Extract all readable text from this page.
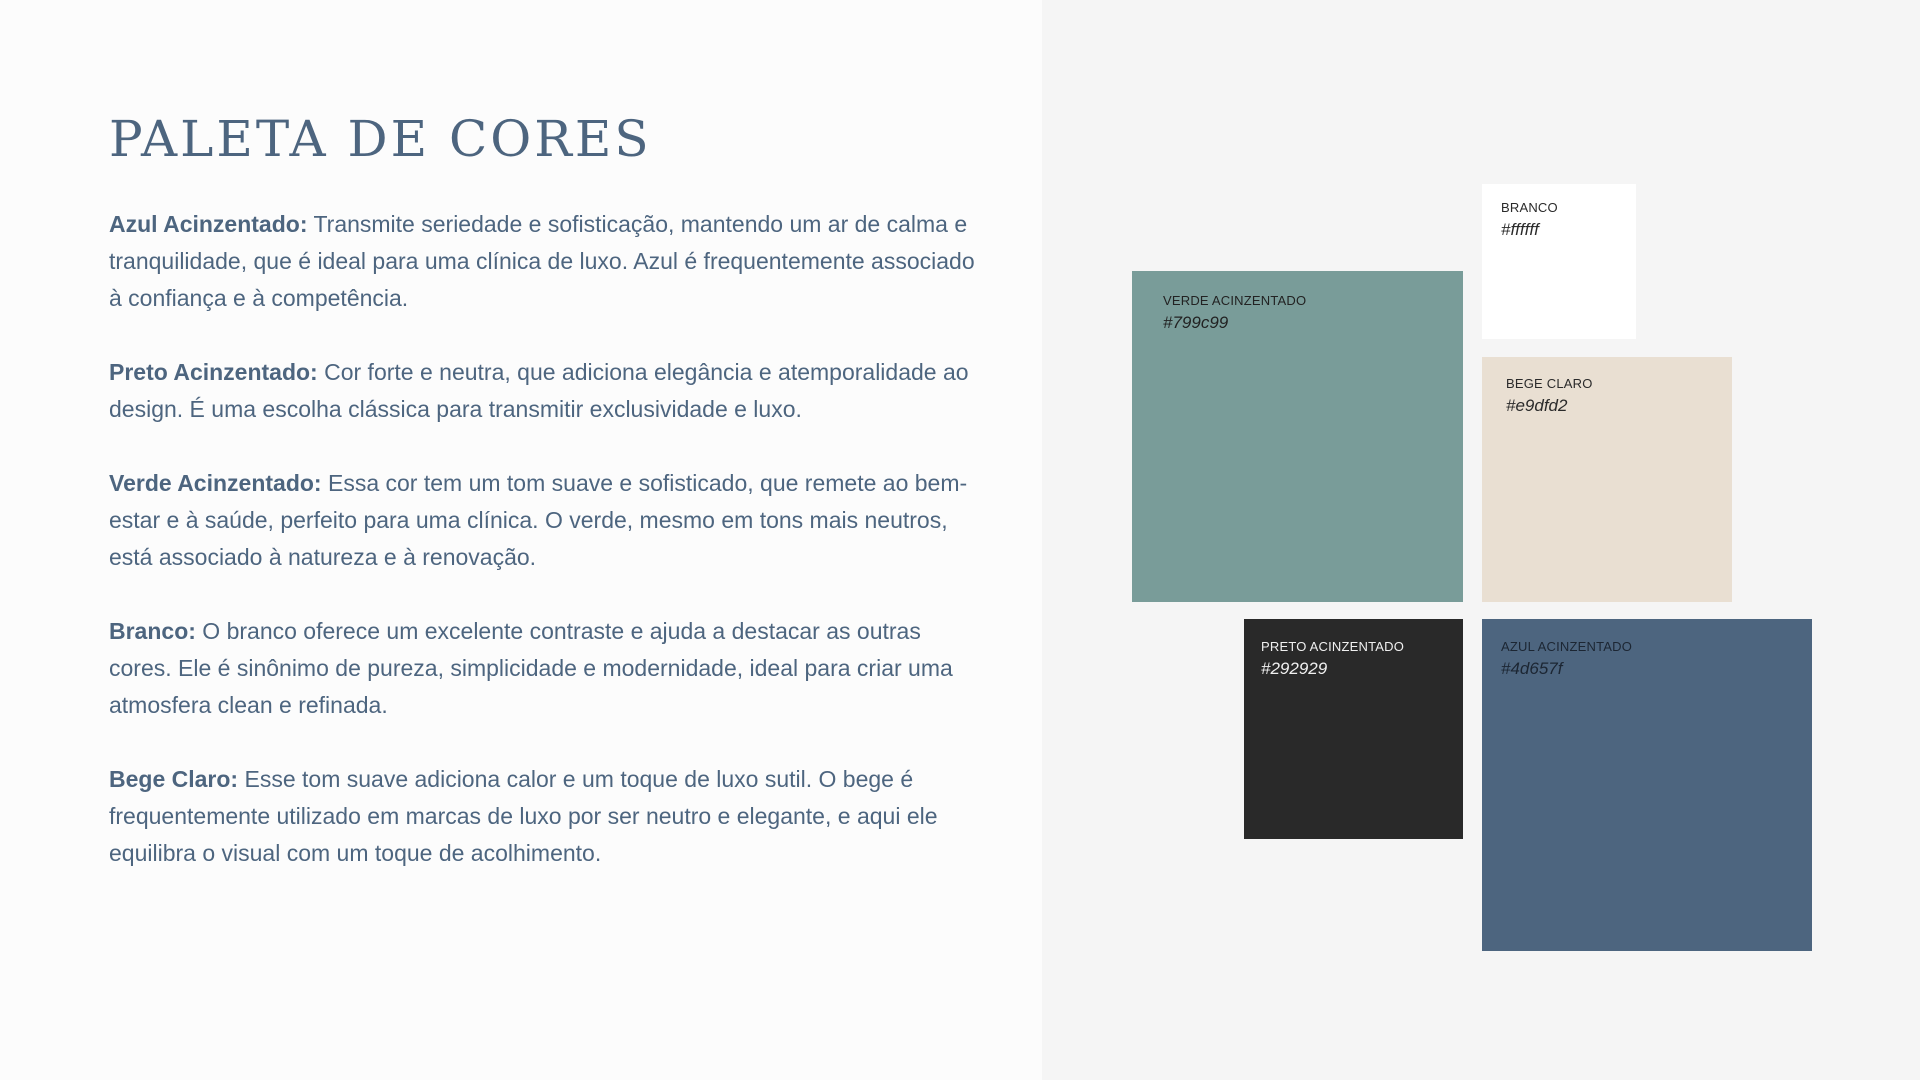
PALETA DE CORES

Azul Acinzentado: Transmite seriedade e sofisticação, mantendo um ar de calma e tranquilidade, que é ideal para uma clínica de luxo. Azul é frequentemente associado à confiança e à competência.

Preto Acinzentado: Cor forte e neutra, que adiciona elegância e atemporalidade ao design. É uma escolha clássica para transmitir exclusividade e luxo.

Verde Acinzentado: Essa cor tem um tom suave e sofisticado, que remete ao bem-estar e à saúde, perfeito para uma clínica. O verde, mesmo em tons mais neutros, está associado à natureza e à renovação.

Branco: O branco oferece um excelente contraste e ajuda a destacar as outras cores. Ele é sinônimo de pureza, simplicidade e modernidade, ideal para criar uma atmosfera clean e refinada.

Bege Claro: Esse tom suave adiciona calor e um toque de luxo sutil. O bege é frequentemente utilizado em marcas de luxo por ser neutro e elegante, e aqui ele equilibra o visual com um toque de acolhimento.

BRANCO
#ffffff
VERDE ACINZENTADO
#799c99
BEGE CLARO
#e9dfd2
PRETO ACINZENTADO
#292929
AZUL ACINZENTADO
#4d657f
